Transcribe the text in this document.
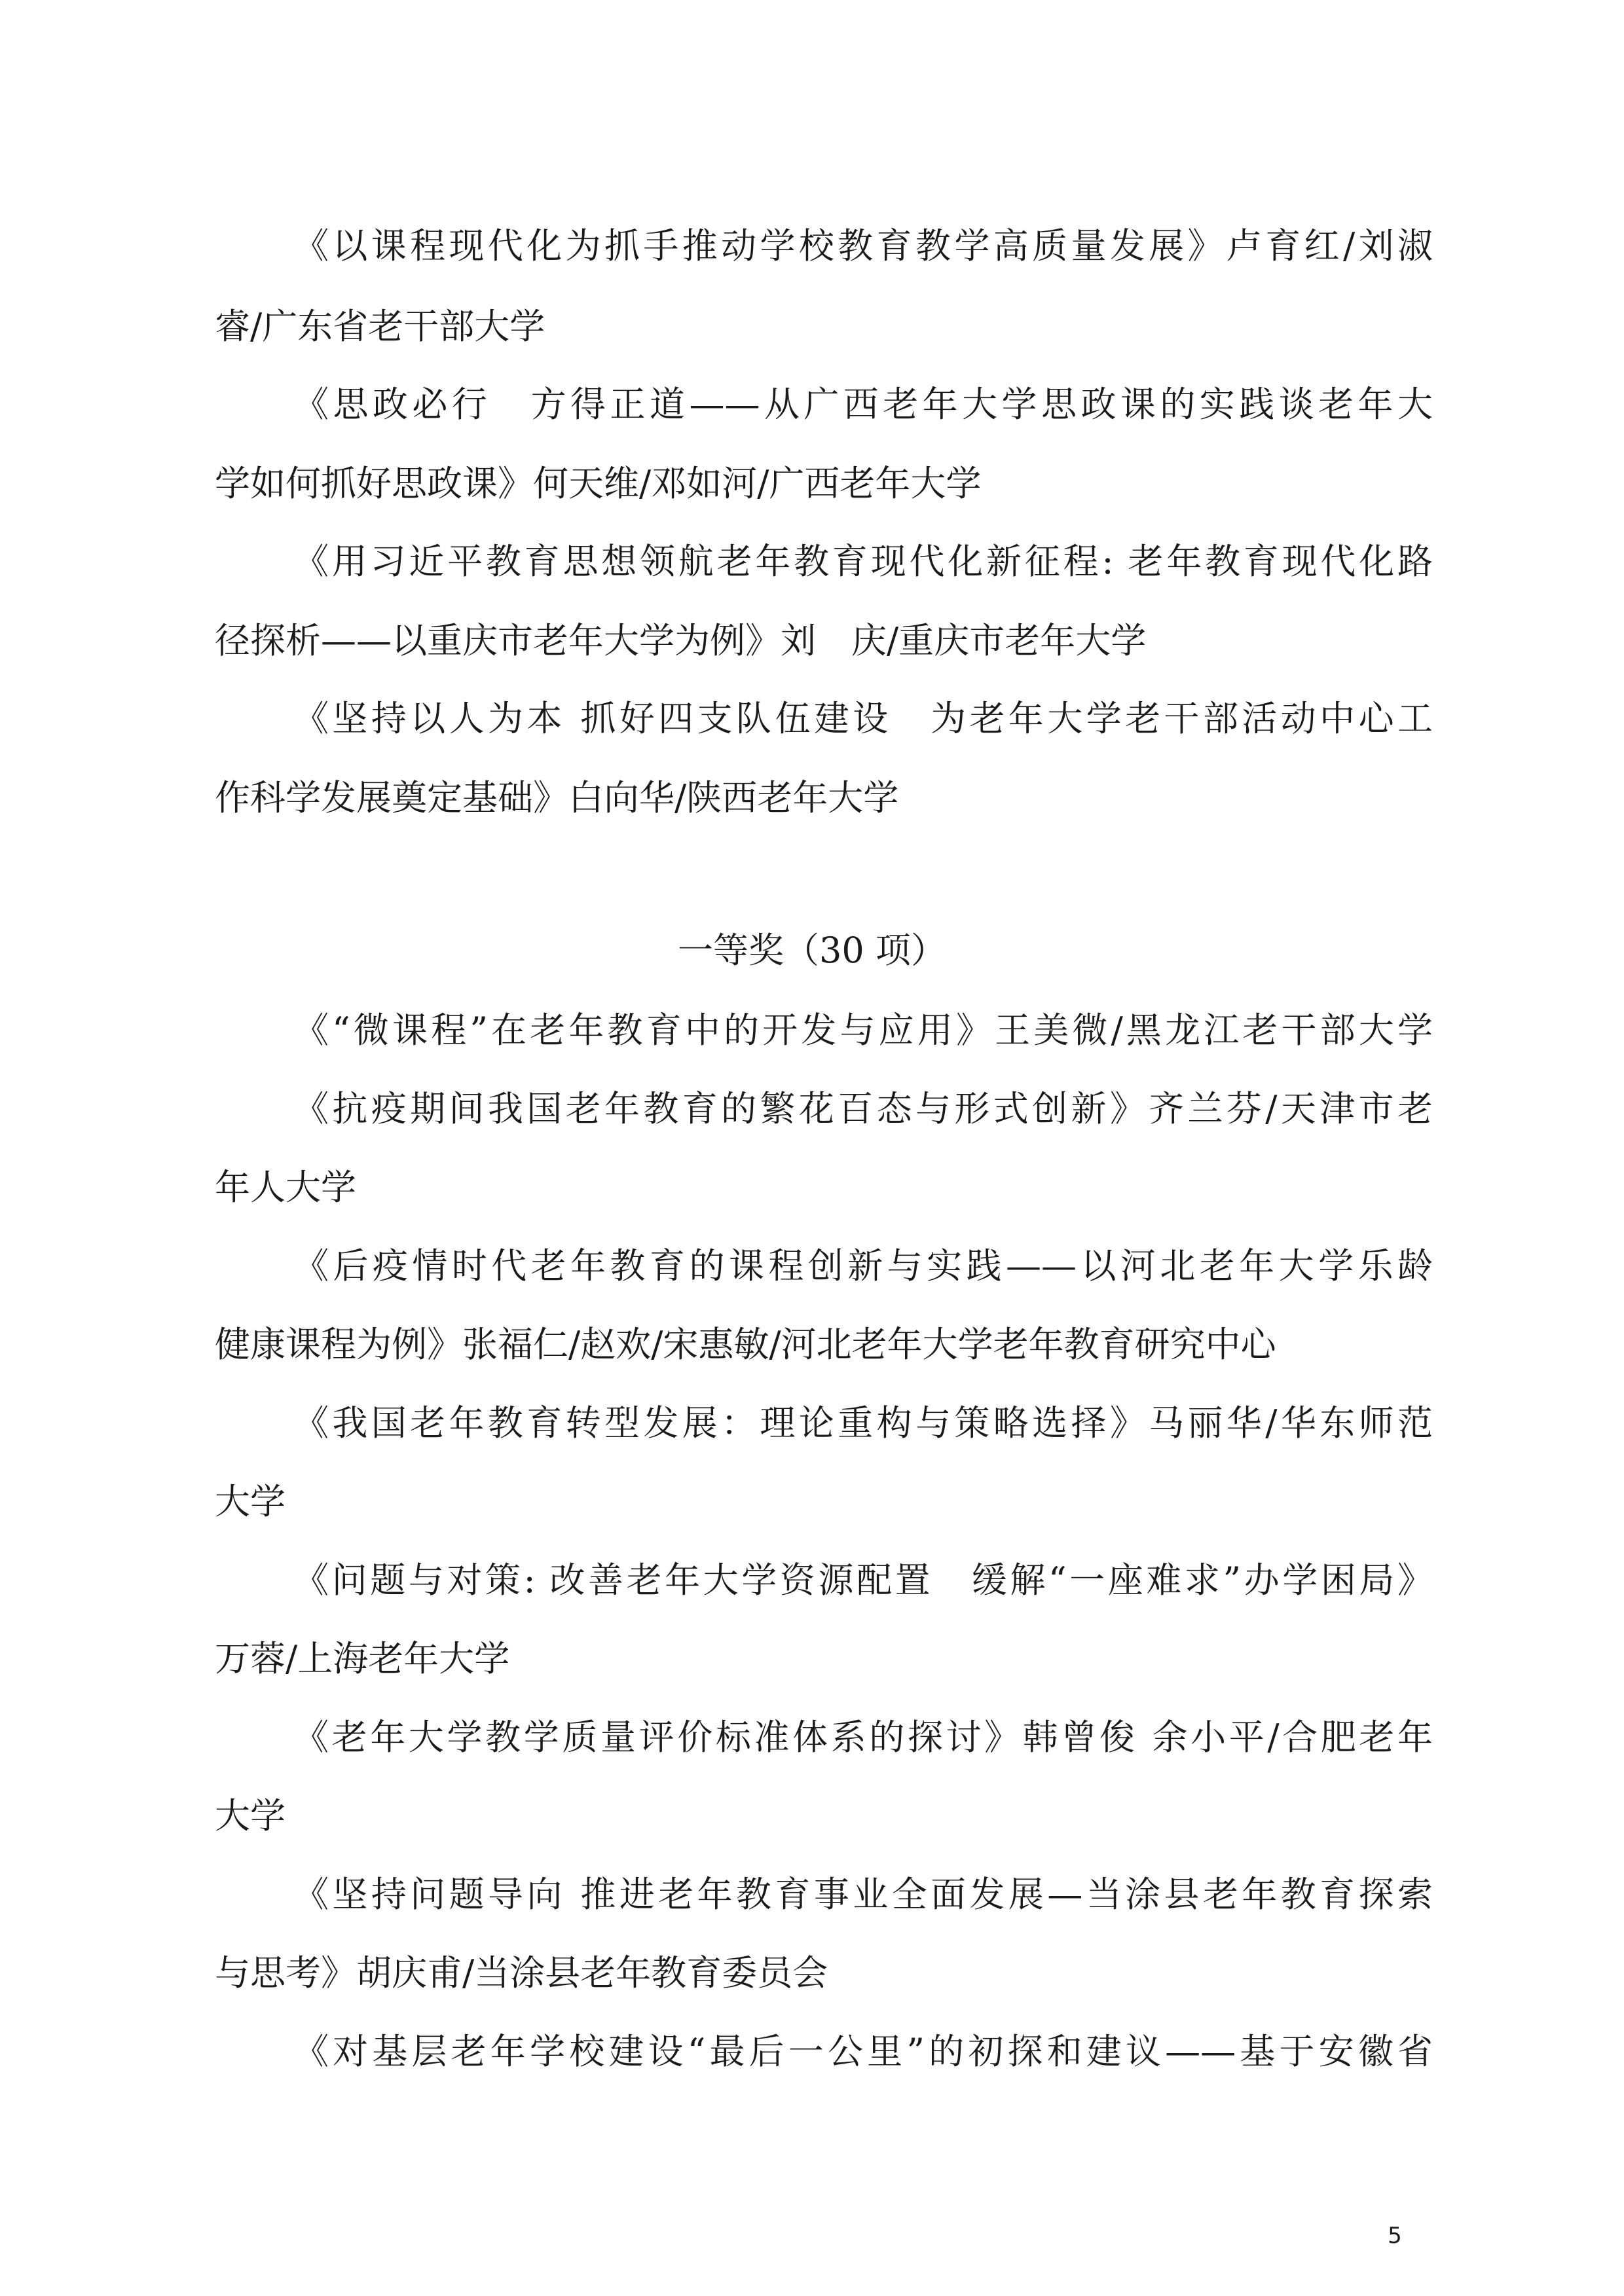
《以课程现代化为抓手推动学校教育教学高质量发展》卢育红/刘淑
睿/广东省老干部大学
《思政必行　方得正道——从广西老年大学思政课的实践谈老年大
学如何抓好思政课》何天维/邓如河/广西老年大学
《用习近平教育思想领航老年教育现代化新征程: 老年教育现代化路
径探析——以重庆市老年大学为例》刘　庆/重庆市老年大学
《坚持以人为本 抓好四支队伍建设　为老年大学老干部活动中心工
作科学发展奠定基础》白向华/陕西老年大学
一等奖（30 项）
《“微课程”在老年教育中的开发与应用》王美微/黑龙江老干部大学
《抗疫期间我国老年教育的繁花百态与形式创新》齐兰芬/天津市老
年人大学
《后疫情时代老年教育的课程创新与实践——以河北老年大学乐龄
健康课程为例》张福仁/赵欢/宋惠敏/河北老年大学老年教育研究中心
《我国老年教育转型发展：理论重构与策略选择》马丽华/华东师范
大学
《问题与对策: 改善老年大学资源配置　缓解“一座难求”办学困局》
万蓉/上海老年大学
《老年大学教学质量评价标准体系的探讨》韩曾俊 余小平/合肥老年
大学
《坚持问题导向 推进老年教育事业全面发展—当涂县老年教育探索
与思考》胡庆甫/当涂县老年教育委员会
《对基层老年学校建设“最后一公里”的初探和建议——基于安徽省
5
